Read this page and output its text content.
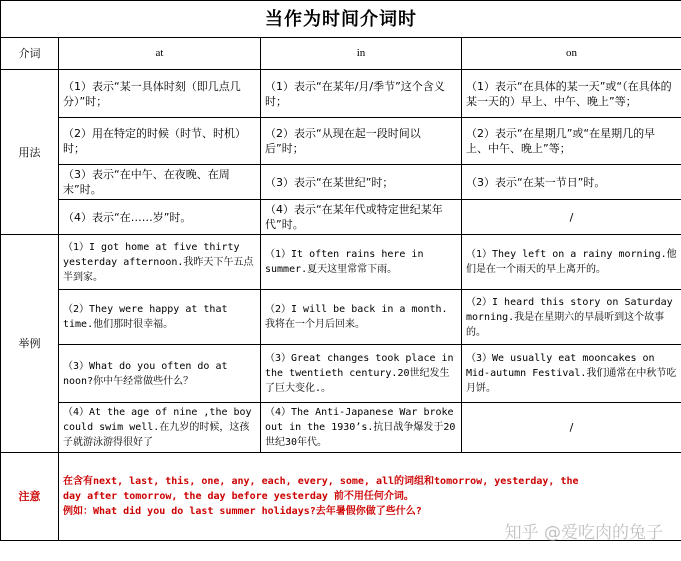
当作为时间介词时			
介词	at	in	on
用法	（1）表示“某一具体时刻（即几点几分）”时；	（1）表示“在某年/月/季节”这个含义时；	（1）表示“在具体的某一天”或“（在具体的某一天的）早上、中午、晚上”等；
	（2）用在特定的时候（时节、时机）时；	（2）表示“从现在起一段时间以后”时；	（2）表示“在星期几”或“在星期几的早上、中午、晚上”等；
	（3）表示“在中午、在夜晚、在周末”时。	（3）表示“在某世纪”时；	（3）表示“在某一节日”时。
	（4）表示“在……岁”时。	（4）表示“在某年代或特定世纪某年代”时。	/
举例	（1）I got home at five thirty yesterday afternoon.我昨天下午五点半到家。	（1）It often rains here in summer.夏天这里常常下雨。	（1）They left on a rainy morning.他们是在一个雨天的早上离开的。
	（2）They were happy at that time.他们那时很幸福。	（2）I will be back in a month.我将在一个月后回来。	（2）I heard this story on Saturday morning.我是在星期六的早晨听到这个故事的。
	（3）What do you often do at noon?你中午经常做些什么？	（3）Great changes took place in the twentieth century.20世纪发生了巨大变化.。	（3）We usually eat mooncakes on Mid-autumn Festival.我们通常在中秋节吃月饼。
	（4）At the age of nine ,the boy could swim well.在九岁的时候，这孩子就游泳游得很好了	（4）The Anti-Japanese War broke out in the 1930’s.抗日战争爆发于20世纪30年代。	/
注意	在含有next, last, this, one, any, each, every, some, all的词组和tomorrow, yesterday, the
day after tomorrow, the day before yesterday 前不用任何介词。
例如：What did you do last summer holidays?去年暑假你做了些什么?		
知乎 @爱吃肉的兔子
